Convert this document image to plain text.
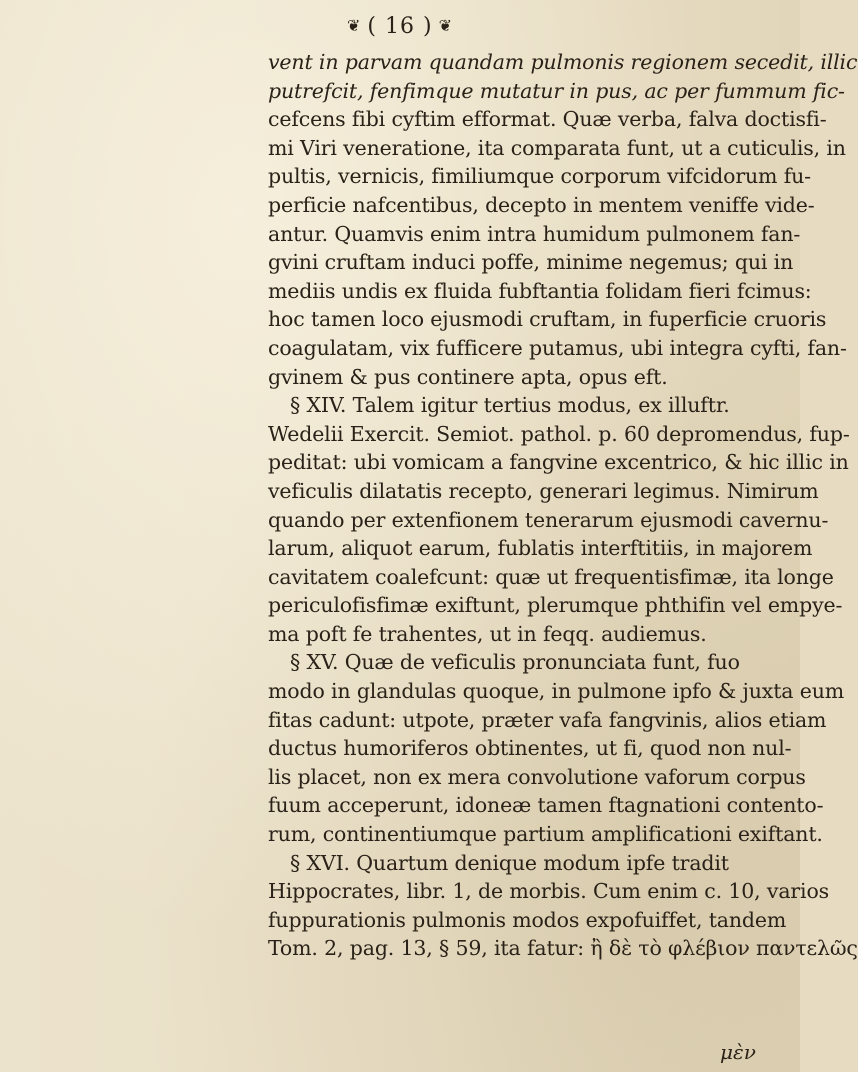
❦ ( 16 ) ❦
vent in parvam quandam pulmonis regionem secedit, illic
putrefcit, fenfimque mutatur in pus, ac per fummum fic-
cefcens fibi cyftim efformat. Quæ verba, falva doctisfi-
mi Viri veneratione, ita comparata funt, ut a cuticulis, in
pultis, vernicis, fimiliumque corporum vifcidorum fu-
perficie nafcentibus, decepto in mentem veniffe vide-
antur. Quamvis enim intra humidum pulmonem fan-
gvini cruftam induci poffe, minime negemus; qui in
mediis undis ex fluida fubftantia folidam fieri fcimus:
hoc tamen loco ejusmodi cruftam, in fuperficie cruoris
coagulatam, vix fufficere putamus, ubi integra cyfti, fan-
gvinem & pus continere apta, opus eft.
§ XIV. Talem igitur tertius modus, ex illuftr.
Wedelii Exercit. Semiot. pathol. p. 60 depromendus, fup-
peditat: ubi vomicam a fangvine excentrico, & hic illic in
veficulis dilatatis recepto, generari legimus. Nimirum
quando per extenfionem tenerarum ejusmodi cavernu-
larum, aliquot earum, fublatis interftitiis, in majorem
cavitatem coalefcunt: quæ ut frequentisfimæ, ita longe
periculofisfimæ exiftunt, plerumque phthifin vel empye-
ma poft fe trahentes, ut in feqq. audiemus.
§ XV. Quæ de veficulis pronunciata funt, fuo
modo in glandulas quoque, in pulmone ipfo & juxta eum
fitas cadunt: utpote, præter vafa fangvinis, alios etiam
ductus humoriferos obtinentes, ut fi, quod non nul-
lis placet, non ex mera convolutione vaforum corpus
fuum acceperunt, idoneæ tamen ftagnationi contento-
rum, continentiumque partium amplificationi exiftant.
§ XVI. Quartum denique modum ipfe tradit
Hippocrates, libr. 1, de morbis. Cum enim c. 10, varios
fuppurationis pulmonis modos expofuiffet, tandem
Tom. 2, pag. 13, § 59, ita fatur: ἢ δὲ τὸ φλέβιον παντελῶς
μὲν
